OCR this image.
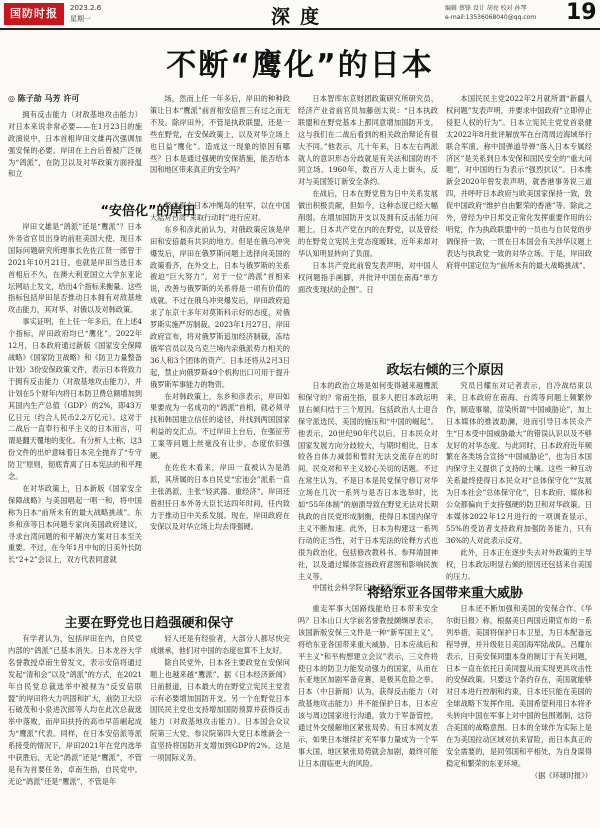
国防时报	2023.2.6
星期一	深度	编辑 蔡锋 设计 胡亮 校对 孙琴
e-mail:13536068040@qq.com 19
不断“鹰化”的日本

◎ 陈子劼 马芳 许可

拥有反击能力（对敌基地攻击能力）对日本来说非常必要——在1月23日的施政演说中，日本首相岸田文雄再次强调加强安保的必要。岸田在上台后曾被广泛视为“鸽派”，在防卫以及对华政策方面持温和立

场，然而上任一年多后，岸田的种种政策让日本“鹰派”前首相安倍晋三有过之而无不及。除岸田外，不管是执政联盟，还是一些在野党，在安保政策上，以及对华立场上也日益“鹰化”。造成这一现象的原因有哪些？日本是通过强硬的安保措施，能否给本国和地区带来真正的安全吗？

“安倍化”的岸田

岸田文雄是“鸽派”还是“鹰派”？日本外务省官员出身的前驻美国大使、现日本国际问题研究所理事长佐佐江贤一郎曾于2021年10月21日，也就是岸田当选日本首相后不久，在澳大利亚国立大学东亚论坛网站上发文，给出4个指标来衡量。这些指标包括岸田是否推动日本拥有对敌基地攻击能力，其对华、对俄以及对韩政策。

事实证明，在上任一年多后，在上述4个指标，岸田政府均已“鹰化”。2022年12月，日本政府通过新版《国家安全保障战略》《国家防卫战略》和《防卫力量整备计划》3份安保政策文件，表示日本将致力于拥有反击能力（对敌基地攻击能力），并计划在5个财年内将日本防卫费总额增加到其国内生产总值（GDP）的2%，即43万亿日元（约合人民币2.2万亿元）。这对于二战后一直奉行和平主义的日本而言，可谓是翻天覆地的变化。有分析人士称，这3份文件的出炉意味着日本完全抛弃了“专守防卫”原则，彻底背离了日本宪法的和平理念。

在对华政策上，日本新版《国家安全保障战略》与美国唱起一唱一和，将中国称为日本“前所未有的最大战略挑战”。东乡和彦等日本问题专家向美国政府建议，寻求台湾问题的和平解决方案对日本至关重要。不过，在今年1月中旬的日美外长防长“2+2”会议上，双方代表同意就

整类军在日本冲绳岛的驻军，以在中国大陆对台湾“采取行动时”进行应对。

东乡和彦此前认为，对俄政策应该是岸田和安倍最有共识的地方。但是在俄乌冲突爆发后，岸田在俄罗斯问题上选择向美国的政策看齐，在外交上，日本与俄罗斯的关系被迫“巨大努力”。对于一位“鸽派”首相来说，改善与俄罗斯的关系将是一项有价值的成就。不过在俄乌冲突爆发后，岸田政府追求了东京十多年对莫斯科示好的态度，对俄罗斯实施严厉制裁。2023年1月27日，岸田政府宣布，将对俄罗斯追加经济制裁，冻结俄军官员以及乌克兰境内亲俄派势力相关的36人和3个团体的资产。日本还将从2月3日起，禁止向俄罗斯49个机构出口可用于提升俄罗斯军事能力的物资。

在对韩政策上，东乡和彦表示，岸田如果要成为一名成功的“鸽派”首相，就必须寻找和韩国建立信任的途径，并找到两国国家利益的交汇点。不过岸田上台后，在强征劳工案等问题上丝毫没有让步，态度依旧强硬。

在佐佐木看来，岸田一直被认为是鸽派，其所属的日本自民党“宏池会”派系一直主张鸽派，主张“轻武器、重经济”。岸田还曾担任日本外务大臣长达四年时间，任内致力于推动日中关系发展。现在，岸田政府在安保以及对华立场上均去得强硬。

日本智库东京财团政策研究所研究员、经济产业省前官员加藤创太说：“日本执政联盟和在野党基本上都同意增加国防开支，这与我们在二战后看到的相关政治辩论有很大不同。”他表示，几十年来，日本左右两派就人的意识形态分歧就是有关法和国防的不同立场。1960年，数百万人走上街头，反对与美国签订新安全条约。

在战后，日本在野党曾为日中关系发展做出积极贡献，但如今，这种态度已经大幅削弱。在增加国防开支以及拥有反击能力问题上，日本共产党在内的在野党，以及曾经的在野党立宪民主党态度暧昧，近年来却对华认知明显转向了负面。

日本共产党此前曾发表声明，对中国人权问题指手画脚，并批评中国在南海“单方面改变现状的企图”。日

本国民民主党2022年2月就所谓“新疆人权问题”发表声明，并要求中国政府“立即停止侵犯人权的行为”。日本立宪民主党党首泉健太2022年8月批评解放军在台湾周边海域举行联合军演，称中国弹道导弹“落入日本专属经济区”是关系到日本安保和国民安全的“重大问题”，对中国的行为表示“强烈抗议”。日本维新会2020年曾发表声明，就香港事务说三道四，并呼吁日本政府与欧美国家保持一致，敦促中国政府“维护自由繁荣的香港”等。除此之外，曾经为中日邦交正常化发挥重要作用的公明党，作为执政联盟中的一员也与自民党的步调保持一致，一贯在日本国会有关涉华议题上表达与执政党一致的对华立场。于是，岸田政府将中国定位为“前所未有的最大战略挑战”。

政坛右倾的三个原因

日本的政治立场是如何变得越来越鹰派和保守的？常南生指，很多人把日本政坛明显右倾归结于三个原因。包括政治人士迎合保守派选民、美国的施压和“中国的崛起”。他表示，20世纪90年代以后，日本民众对国家发展方向分歧较大，与期时相比，日本较各自体力减弱和暂时无法交流存在的时间。民众对和平主义较心关切的话题。不过在常生认为，不是日本是民党保守修订对华立场在几次一系列与是否日本选举时，比如“55年体制”的崩溃导致在野党无法对长期执政的自民党形成制衡，使得日本国内保守主义不断加速。此外，日本为构建这一系列行动的正当性，对于日本宪法的诠释方式也很为政治化，包括修改教科书、参拜靖国神社，以及通过媒体宣扬政府意图和影响民族主义等。

中国社会科学院日本研究所研

究员吕耀东对记者表示，自冷战结束以来，日本政府在南海、台湾等问题上频繁炒作，制造事端，渲染所谓“中国威胁论”，加上日本媒体的推波助澜，进而引导日本民众产生“日本受中国威胁最大”的错误认识以及不够友好的对华态度。与此同时，日本政府近年频繁在各类场合宣扬“中国威胁论”，也为日本国内保守主义提供了支持的土壤。这些一种互动关系最终使得日本民众对“总体保守化”“发展为日本社会”总体保守化”，日本政府、媒体和公众都偏向于支持强硬的防卫和对华政策。日本媒体2022年12月进行的一项调查显示，55%的受访者支持政府加强防务能力，只有36%的人对此表示反对。

此外，日本正在逐步失去对外政策的主导权，日本政坛明显右倾的原因还包括来自美国的压力。

主要在野党也日趋强硬和保守

有学者认为，包括岸田在内，自民党内部的“鸽派”已基本消失。日本龙谷大学名誉教授卓南生曾发文，表示安倍将通过发起“清和会”以及“鸽派”的方式，在2021年自民党总裁选举中被视为“反安倍联盟”的岸田将大力巩固和扩大，前防卫大臣石破茂和小泉进次郎等人均在此次总裁选举中落败，而岸田扶持的高市早苗崛起成为“鹰派”代表。同样，在日本安倍派等派系接受的情况下，岸田2021年在党内选举中获胜后，无论“鸽派”还是“鹰派”，不管是有为首要任务，卓南生指，自民党中，无论“鸽派”还是“鹰派”，不管是年

轻人还是有经验者，大部分人都尽快完成继承，他们对中国的态度也算不上友好。

除自民党外，日本各主要政党在安保问题上也越来越“鹰派”。据《日本经济新闻》日前报道，日本最大的在野党立宪民主党表示有必要增加国防开支。另一个在野党日本国民民主党也支持增加国防预算并获得反击能力（对敌基地攻击能力）。日本国会众议院第三大党、参议院第四大党日本维新会一直坚持将国防开支增加到GDP的2%。这是一项国际义务。

将给东亚各国带来重大威胁

重走军事大国路线能给日本带来安全吗？日本山口大学前名誉教授纐缬厚表示，该国新版安保三文件是一种“新军国主义”，将给东亚各国带来重大威胁。日本应战后和平主义“和平构想建立会议”表示，三文件将使日本的防卫力能发动强力的国家，从而在东亚地区加剧军备竞赛，是极其危险之举。日本（中日新闻）认为，获得反击能力（对敌基地攻击能力）并不能保护日本，日本应该与周边国家进行沟通，致力于军备管控，通过外交缓解地区紧张局势。有日本网友表示，如果日本继续扩充军事力量成为一个军事大国，地区紧张局势就会加剧，最终可能让日本面临更大的风险。

日本还不断加强和美国的安保合作。《华尔街日报》称，根据美日两国近期宣布的一系列举措，美国将保护日本卫星，为日本配备远程导弹，并升级驻日美国海军陆战队。吕耀东表示，日美安保同盟本身的制订于有关问题，日本一直在依托日美同盟从而实现更具攻击性的安保政策。只要这个条约存在，美国就能够对日本进行控制和约束，日本还只能在美国的全球战略下发挥作用。美国希望利用日本将矛头转向中国在军事上对中国的包围遏制，这符合美国的战略意图。日本的全球作为实际上是在为美国拉动区域对抗来冒险，而日本真正的安全需要的，是同邻国和平相处，为自身谋得稳定和繁荣的东亚环境。

（据《环球时报》）
